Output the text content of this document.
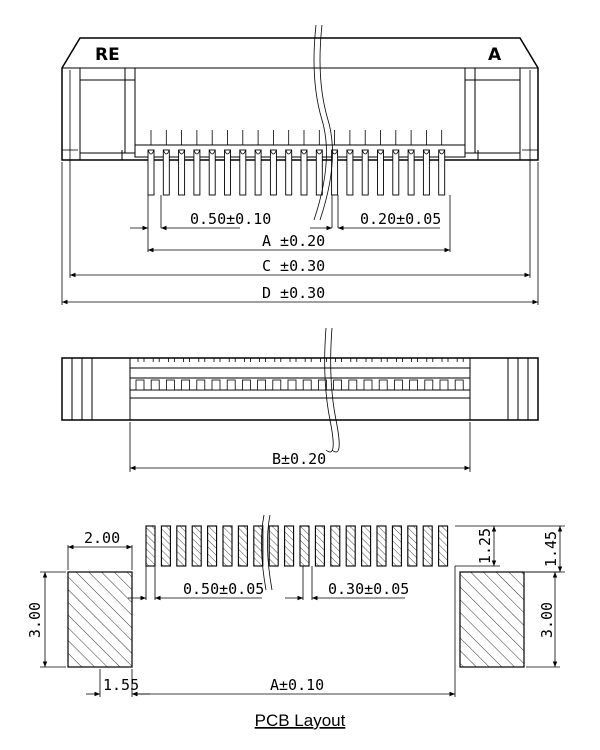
RE	A
0.50±0.10	0.20±0.05
A ±0.20
C ±0.30
D ±0.30
B±0.20
2.00
3.00	3.00
1.25	1.45
0.50±0.05	0.30±0.05
1.55	A±0.10
PCB Layout
